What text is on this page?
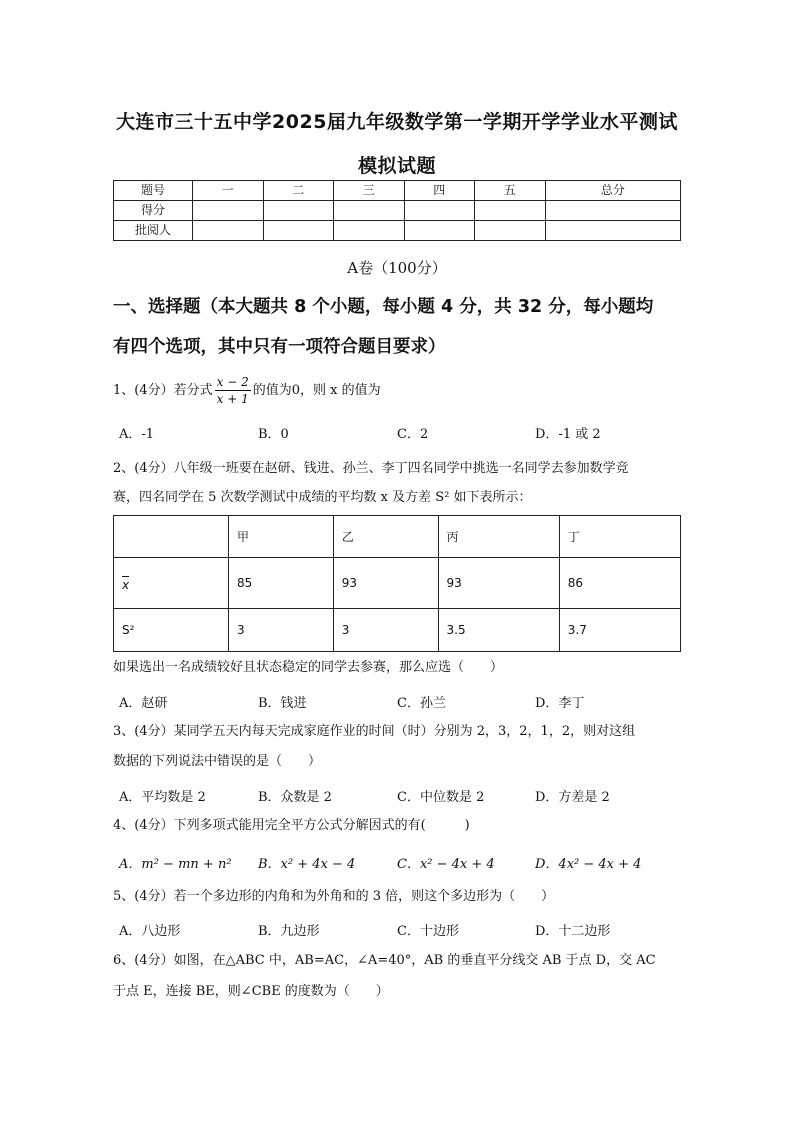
大连市三十五中学2025届九年级数学第一学期开学学业水平测试
模拟试题
题号	一	二	三	四	五	总分
得分						
批阅人						
A卷（100分）
一、选择题（本大题共 8 个小题，每小题 4 分，共 32 分，每小题均
有四个选项，其中只有一项符合题目要求）
1、(4分）若分式 $\frac{x - 2}{x + 1}$ 的值为0，则 x 的值为
A．-1	B．0	C．2	D．-1 或 2
2、(4分）八年级一班要在赵研、钱进、孙兰、李丁四名同学中挑选一名同学去参加数学竞
赛，四名同学在 5 次数学测试中成绩的平均数 x 及方差 S² 如下表所示：
	甲	乙	丙	丁
x	85	93	93	86
S²	3	3	3.5	3.7
如果选出一名成绩较好且状态稳定的同学去参赛，那么应选（　　）
A．赵研	B．钱进	C．孙兰	D．李丁
3、(4分）某同学五天内每天完成家庭作业的时间（时）分别为 2，3，2，1，2，则对这组
数据的下列说法中错误的是（　　）
A．平均数是 2	B．众数是 2	C．中位数是 2	D．方差是 2
4、(4分）下列多项式能用完全平方公式分解因式的有(　　　)
A．m² − mn + n² B．x² + 4x − 4	C．x² − 4x + 4	D．4x² − 4x + 4
5、(4分）若一个多边形的内角和为外角和的 3 倍，则这个多边形为（　　）
A．八边形	B．九边形	C．十边形	D．十二边形
6、(4分）如图，在△ABC 中，AB=AC，∠A=40°，AB 的垂直平分线交 AB 于点 D，交 AC
于点 E，连接 BE，则∠CBE 的度数为（　　）
